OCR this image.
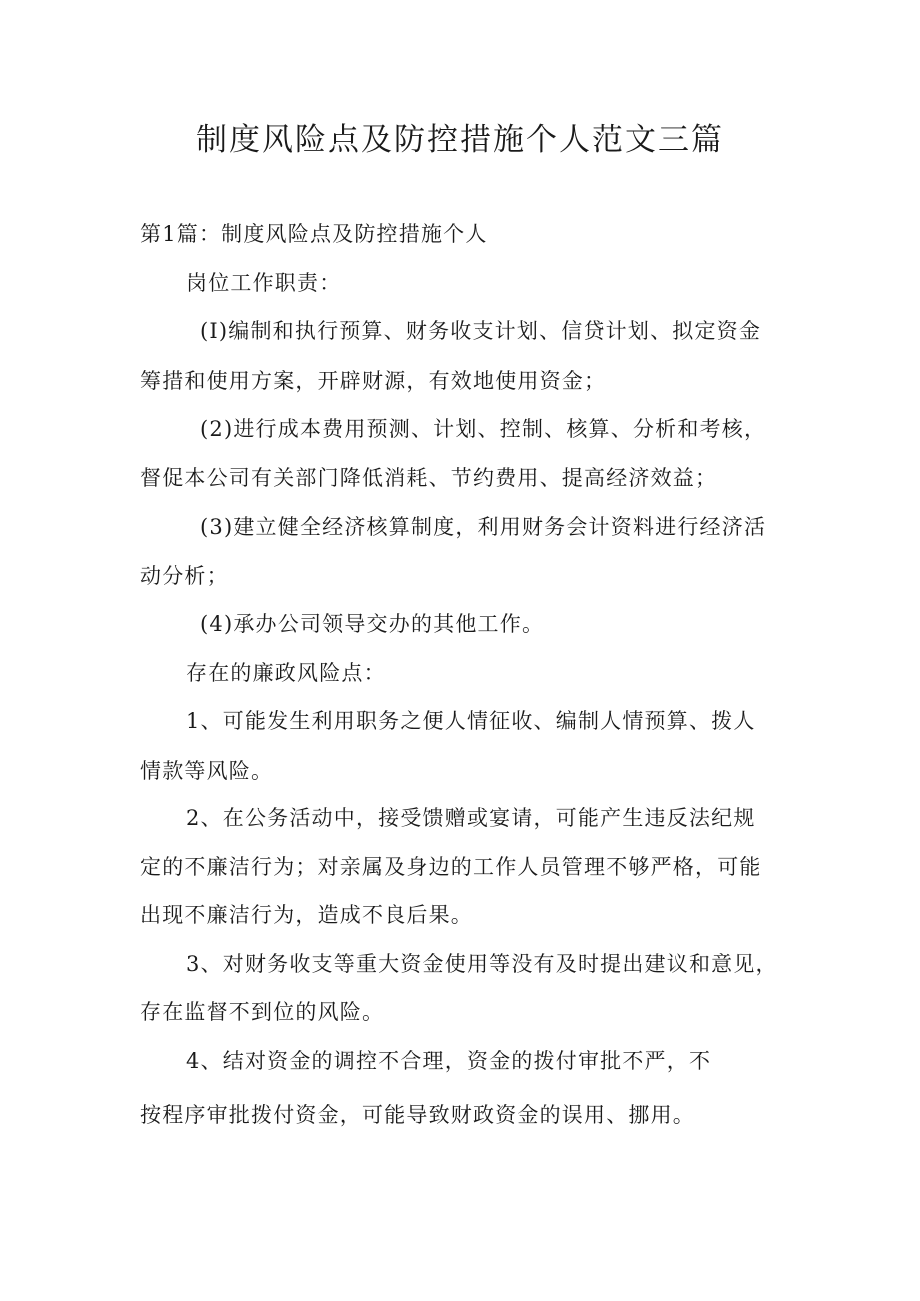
制度风险点及防控措施个人范文三篇

第1篇：制度风险点及防控措施个人

岗位工作职责：

(I)编制和执行预算、财务收支计划、信贷计划、拟定资金

筹措和使用方案，开辟财源，有效地使用资金；

(2)进行成本费用预测、计划、控制、核算、分析和考核，

督促本公司有关部门降低消耗、节约费用、提高经济效益；

(3)建立健全经济核算制度，利用财务会计资料进行经济活

动分析；

(4)承办公司领导交办的其他工作。

存在的廉政风险点：

1、可能发生利用职务之便人情征收、编制人情预算、拨人

情款等风险。

2、在公务活动中，接受馈赠或宴请，可能产生违反法纪规

定的不廉洁行为；对亲属及身边的工作人员管理不够严格，可能

出现不廉洁行为，造成不良后果。

3、对财务收支等重大资金使用等没有及时提出建议和意见，

存在监督不到位的风险。

4、结对资金的调控不合理，资金的拨付审批不严，不

按程序审批拨付资金，可能导致财政资金的误用、挪用。
